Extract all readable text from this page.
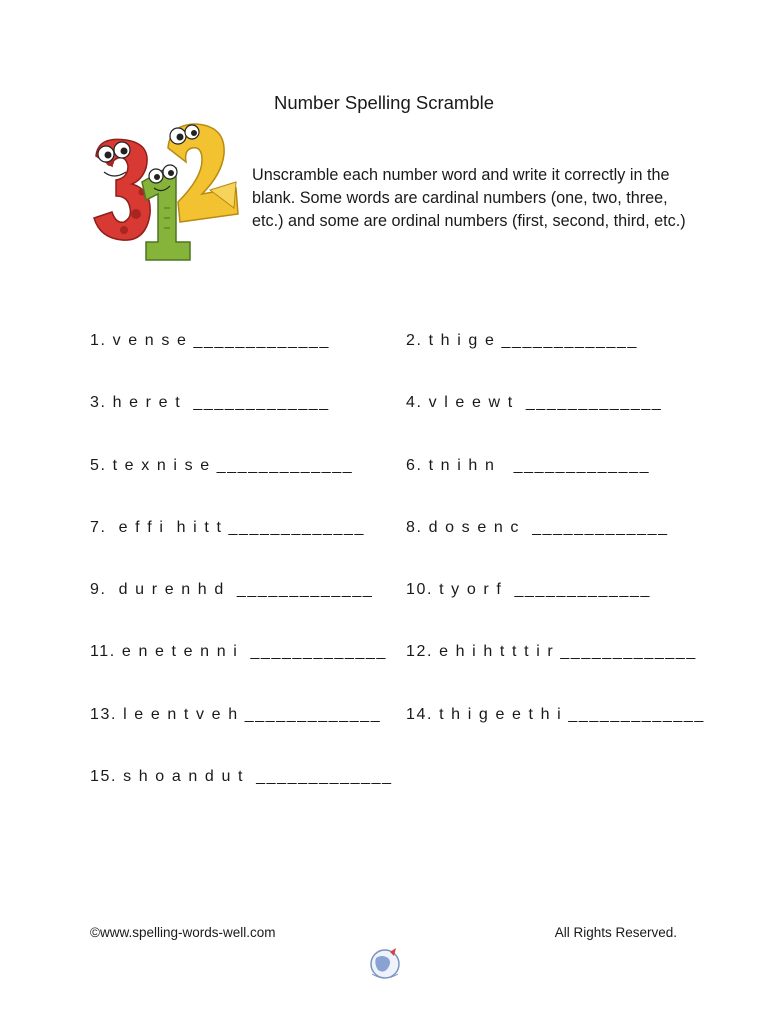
Number Spelling Scramble
Unscramble each number word and write it correctly in the blank. Some words are cardinal numbers (one, two, three, etc.) and some are ordinal numbers (first, second, third, etc.)
1. v e n s e _____________
3. h e r e t  _____________
5. t e x n i s e _____________
7.  e f f i  h i t t _____________
9.  d u r e n h d  _____________
11. e n e t e n n i  _____________
13. l e e n t v e h _____________
15. s h o a n d u t  _____________
2. t h i g e _____________
4. v l e e w t  _____________
6. t n i h n   _____________
8. d o s e n c  _____________
10. t y o r f  _____________
12. e h i h t t t i r _____________
14. t h i g e e t h i _____________
©www.spelling-words-well.com	All Rights Reserved.
